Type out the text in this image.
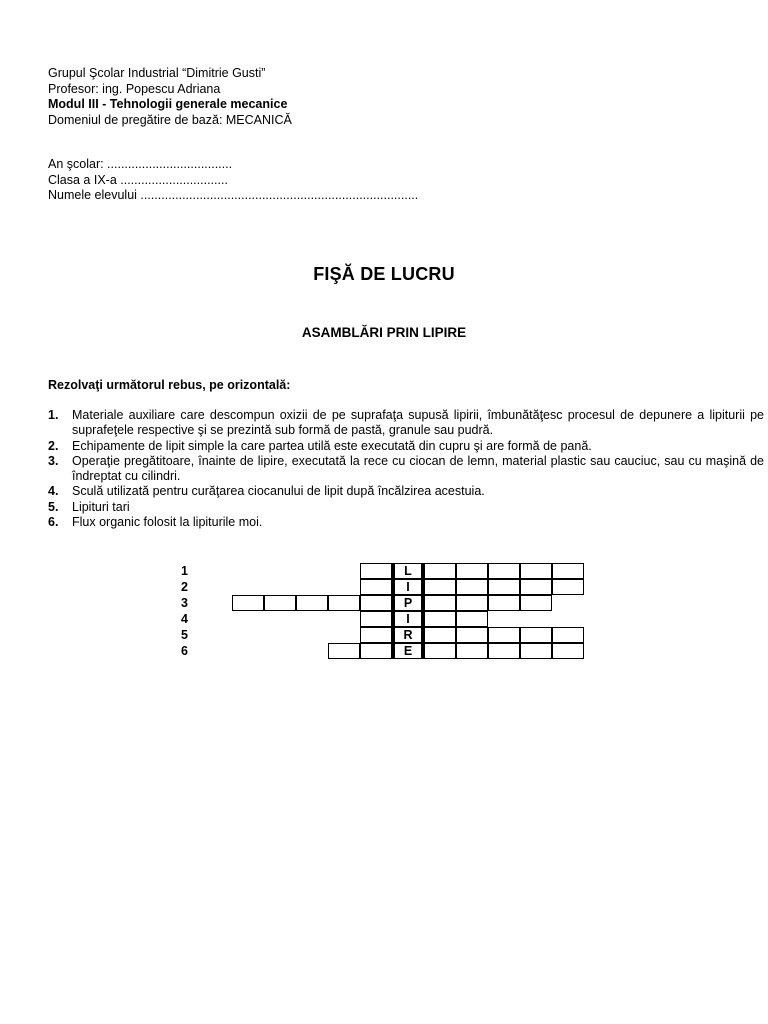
Grupul Şcolar Industrial “Dimitrie Gusti”
Profesor: ing. Popescu Adriana
Modul III - Tehnologii generale mecanice
Domeniul de pregătire de bază: MECANICĂ
An şcolar: ....................................
Clasa a IX-a ...............................
Numele elevului ................................................................................
FIŞĂ DE LUCRU
ASAMBLĂRI PRIN LIPIRE
Rezolvaţi următorul rebus, pe orizontală:
1.	Materiale auxiliare care descompun oxizii de pe suprafaţa supusă lipirii, îmbunătăţesc procesul de depunere a lipiturii pe suprafeţele respective şi se prezintă sub formă de pastă, granule sau pudră.
2.	Echipamente de lipit simple la care partea utilă este executată din cupru şi are formă de pană.
3.	Operaţie pregătitoare, înainte de lipire, executată la rece cu ciocan de lemn, material plastic sau cauciuc, sau cu maşină de îndreptat cu cilindri.
4.	Sculă utilizată pentru curăţarea ciocanului de lipit după încălzirea acestuia.
5.	Lipituri tari
6.	Flux organic folosit la lipiturile moi.
1	L
2	I
3	P
4	I
5	R
6	E
